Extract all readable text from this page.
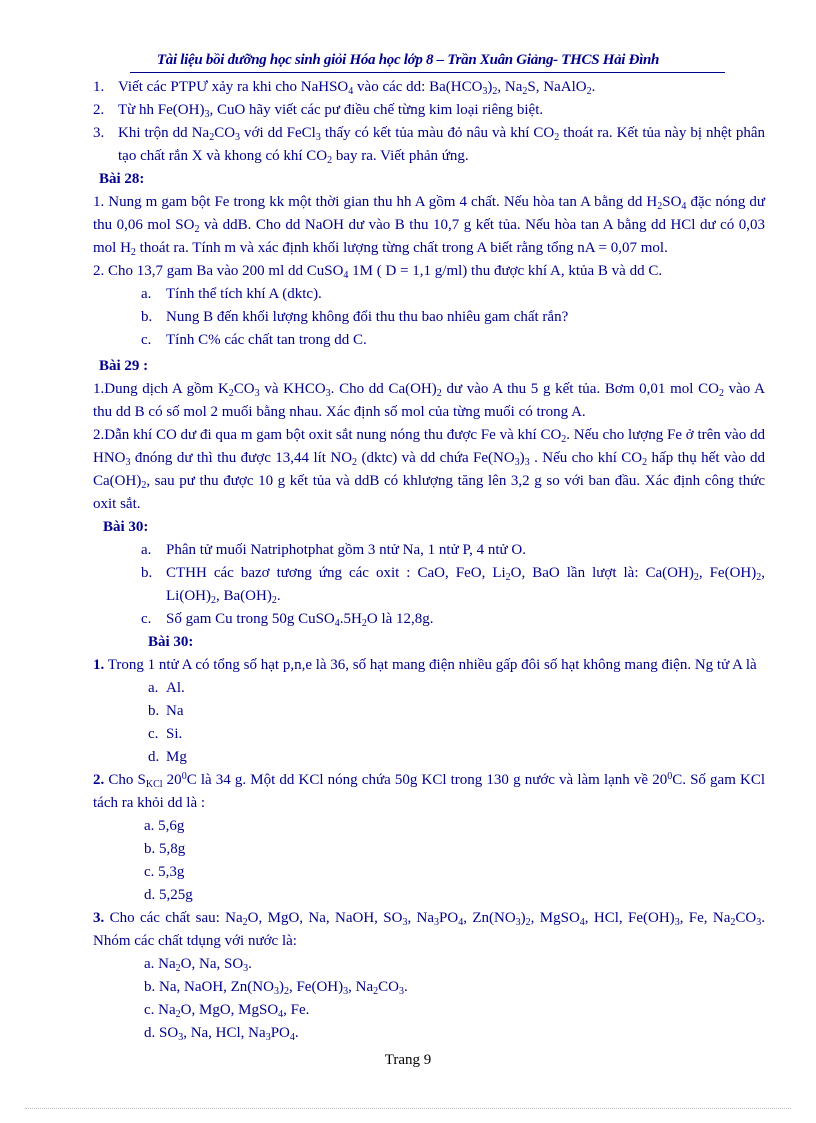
Tài liệu bồi dưỡng học sinh giỏi Hóa học lớp 8 – Trần Xuân Giảng- THCS Hải Đình
1. Viết các PTPƯ xảy ra khi cho NaHSO$_4$ vào các dd: $Ba(HCO_3)_2$, $Na_2S$, NaAlO$_2$.
2. Từ hh $Fe(OH)_3$, CuO hãy viết các pư điều chế từng kim loại riêng biệt.
3. Khi trộn dd $Na_2CO_3$ với dd FeCl$_3$ thấy có kết tủa màu đỏ nâu và khí $CO_2$ thoát ra. Kết tủa này bị nhệt phân tạo chất rắn X và khong có khí $CO_2$ bay ra. Viết phản ứng.
Bài 28:
1. Nung m gam bột Fe trong kk một thời gian thu hh A gồm 4 chất. Nếu hòa tan A bằng dd $H_2SO_4$ đặc nóng dư thu 0,06 mol $SO_2$ và ddB. Cho dd NaOH dư vào B thu 10,7 g kết tủa. Nếu hòa tan A bằng dd HCl dư có 0,03 mol $H_2$ thoát ra. Tính m và xác định khối lượng từng chất trong A biết rằng tổng nA = 0,07 mol.
2. Cho 13,7 gam Ba vào 200 ml dd CuSO$_4$ 1M ( D = 1,1 g/ml) thu được khí A, ktủa B và dd C.
a. Tính thể tích khí A (dktc).
b. Nung B đến khối lượng không đổi thu thu bao nhiêu gam chất rắn?
c. Tính C% các chất tan trong dd C.
Bài 29 :
1.Dung dịch A gồm $K_2CO_3$ và $KHCO_3$. Cho dd $Ca(OH)_2$ dư vào A thu 5 g kết tủa. Bơm 0,01 mol $CO_2$ vào A thu dd B có số mol 2 muối bằng nhau. Xác định số mol của từng muối có trong A.
2.Dẫn khí CO dư đi qua m gam bột oxit sắt nung nóng thu được Fe và khí $CO_2$. Nếu cho lượng Fe ở trên vào dd $HNO_3$ đnóng dư thì thu được 13,44 lít $NO_2$ (dktc) và dd chứa $Fe(NO_3)_3$ . Nếu cho khí $CO_2$ hấp thụ hết vào dd $Ca(OH)_2$, sau pư thu được 10 g kết tủa và ddB có khlượng tăng lên 3,2 g so với ban đầu. Xác định công thức oxit sắt.
Bài 30:
a. Phân tử muối Natriphotphat gồm 3 ntử Na, 1 ntử P, 4 ntử O.
b. CTHH các bazơ tương ứng các oxit : CaO, FeO, $Li_2O$, BaO lần lượt là: $Ca(OH)_2$, $Fe(OH)_2$, $Li(OH)_2$, $Ba(OH)_2$.
c. Số gam Cu trong 50g $CuSO_4.5H_2O$ là 12,8g.
Bài 30:
1. Trong 1 ntử A có tổng số hạt p,n,e là 36, số hạt mang điện nhiều gấp đôi số hạt không mang điện. Ng tử A là
a. Al.
b. Na
c. Si.
d. Mg
2. Cho $S_{KCl}$ $20^0C$ là 34 g. Một dd KCl nóng chứa 50g KCl trong 130 g nước và làm lạnh về $20^0C$. Số gam KCl tách ra khỏi dd là :
a. 5,6g
b. 5,8g
c. 5,3g
d. 5,25g
3. Cho các chất sau: $Na_2O$, MgO, Na, NaOH, $SO_3$, $Na_3PO_4$, $Zn(NO_3)_2$, MgSO$_4$, HCl, $Fe(OH)_3$, Fe, $Na_2CO_3$. Nhóm các chất tdụng với nước là:
a. $Na_2O$, Na, $SO_3$.
b. Na, NaOH, $Zn(NO_3)_2$, $Fe(OH)_3$, $Na_2CO_3$.
c. $Na_2O$, MgO, MgSO$_4$, Fe.
d. $SO_3$, Na, HCl, $Na_3PO_4$.
Trang 9
